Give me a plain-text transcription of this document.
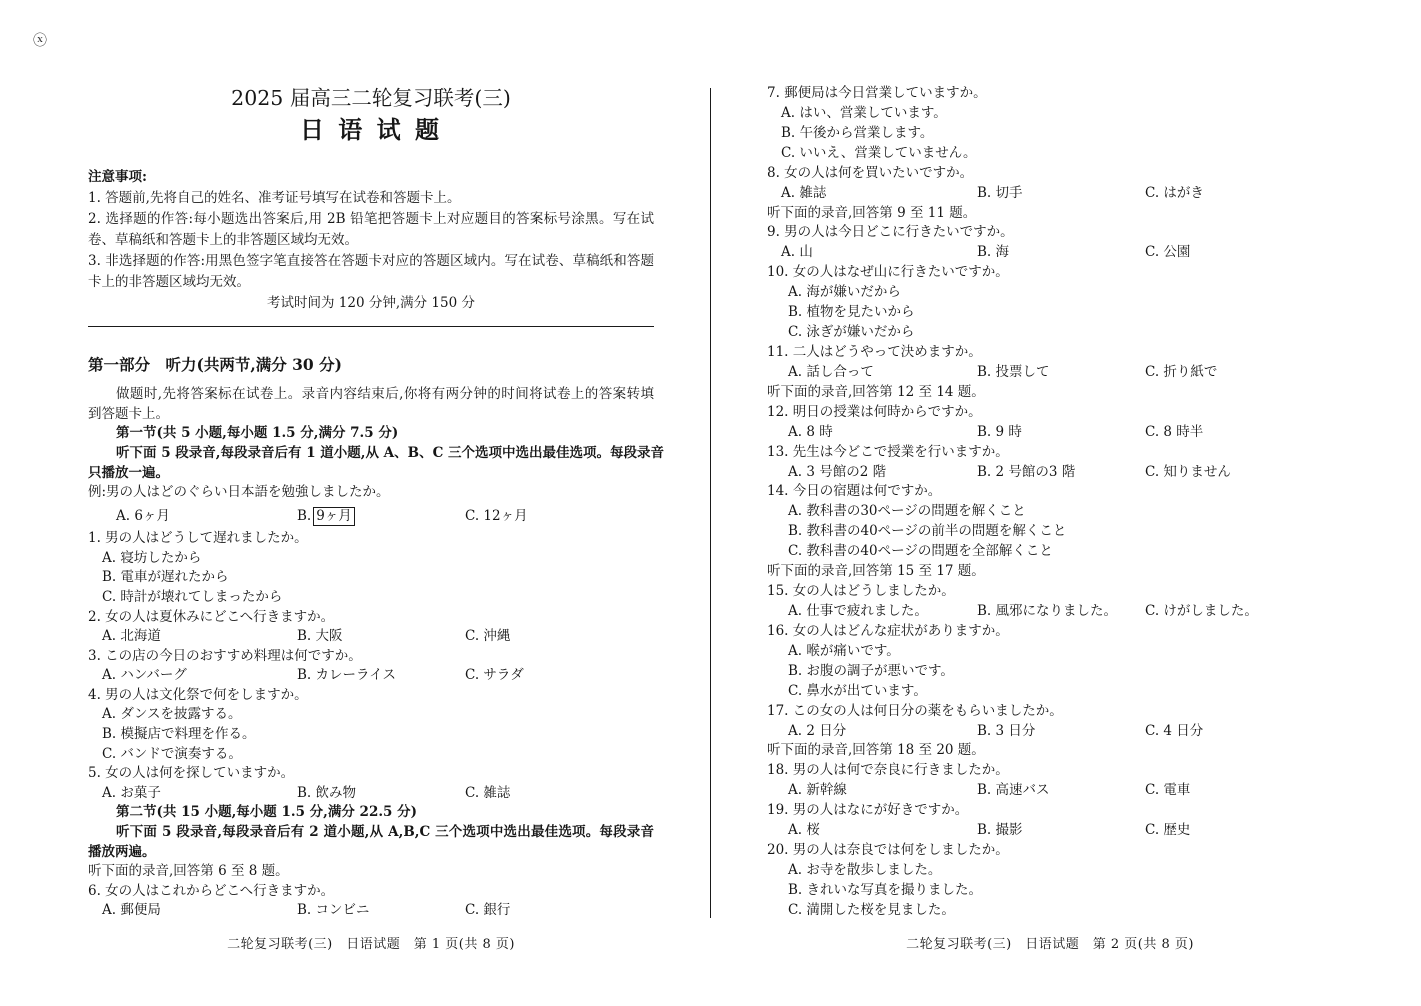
ⓧ
2025 届高三二轮复习联考(三)
日 语 试 题
注意事项:
1. 答题前,先将自己的姓名、准考证号填写在试卷和答题卡上。
2. 选择题的作答:每小题选出答案后,用 2B 铅笔把答题卡上对应题目的答案标号涂黑。写在试
卷、草稿纸和答题卡上的非答题区域均无效。
3. 非选择题的作答:用黑色签字笔直接答在答题卡对应的答题区域内。写在试卷、草稿纸和答题
卡上的非答题区域均无效。
考试时间为 120 分钟,满分 150 分
第一部分　听力(共两节,满分 30 分)
做题时,先将答案标在试卷上。录音内容结束后,你将有两分钟的时间将试卷上的答案转填
到答题卡上。
第一节(共 5 小题,每小题 1.5 分,满分 7.5 分)
听下面 5 段录音,每段录音后有 1 道小题,从 A、B、C 三个选项中选出最佳选项。每段录音
只播放一遍。
例:男の人はどのぐらい日本語を勉強しましたか。
A. 6ヶ月	B. 9ヶ月	C. 12ヶ月
1. 男の人はどうして遅れましたか。
A. 寝坊したから
B. 電車が遅れたから
C. 時計が壊れてしまったから
2. 女の人は夏休みにどこへ行きますか。
A. 北海道	B. 大阪	C. 沖縄
3. この店の今日のおすすめ料理は何ですか。
A. ハンバーグ	B. カレーライス	C. サラダ
4. 男の人は文化祭で何をしますか。
A. ダンスを披露する。
B. 模擬店で料理を作る。
C. バンドで演奏する。
5. 女の人は何を探していますか。
A. お菓子	B. 飲み物	C. 雑誌
第二节(共 15 小题,每小题 1.5 分,满分 22.5 分)
听下面 5 段录音,每段录音后有 2 道小题,从 A,B,C 三个选项中选出最佳选项。每段录音
播放两遍。
听下面的录音,回答第 6 至 8 题。
6. 女の人はこれからどこへ行きますか。
A. 郵便局	B. コンビニ	C. 銀行
7. 郵便局は今日営業していますか。
A. はい、営業しています。
B. 午後から営業します。
C. いいえ、営業していません。
8. 女の人は何を買いたいですか。
A. 雑誌	B. 切手	C. はがき
听下面的录音,回答第 9 至 11 题。
9. 男の人は今日どこに行きたいですか。
A. 山	B. 海	C. 公園
10. 女の人はなぜ山に行きたいですか。
A. 海が嫌いだから
B. 植物を見たいから
C. 泳ぎが嫌いだから
11. 二人はどうやって決めますか。
A. 話し合って	B. 投票して	C. 折り紙で
听下面的录音,回答第 12 至 14 题。
12. 明日の授業は何時からですか。
A. 8 時	B. 9 時	C. 8 時半
13. 先生は今どこで授業を行いますか。
A. 3 号館の2 階	B. 2 号館の3 階	C. 知りません
14. 今日の宿題は何ですか。
A. 教科書の30ページの問題を解くこと
B. 教科書の40ページの前半の問題を解くこと
C. 教科書の40ページの問題を全部解くこと
听下面的录音,回答第 15 至 17 题。
15. 女の人はどうしましたか。
A. 仕事で疲れました。	B. 風邪になりました。 C. けがしました。
16. 女の人はどんな症状がありますか。
A. 喉が痛いです。
B. お腹の調子が悪いです。
C. 鼻水が出ています。
17. この女の人は何日分の薬をもらいましたか。
A. 2 日分	B. 3 日分	C. 4 日分
听下面的录音,回答第 18 至 20 题。
18. 男の人は何で奈良に行きましたか。
A. 新幹線	B. 高速バス	C. 電車
19. 男の人はなにが好きですか。
A. 桜	B. 撮影	C. 歴史
20. 男の人は奈良では何をしましたか。
A. お寺を散歩しました。
B. きれいな写真を撮りました。
C. 満開した桜を見ました。
二轮复习联考(三)　日语试题　第 1 页(共 8 页)	二轮复习联考(三)　日语试题　第 2 页(共 8 页)
